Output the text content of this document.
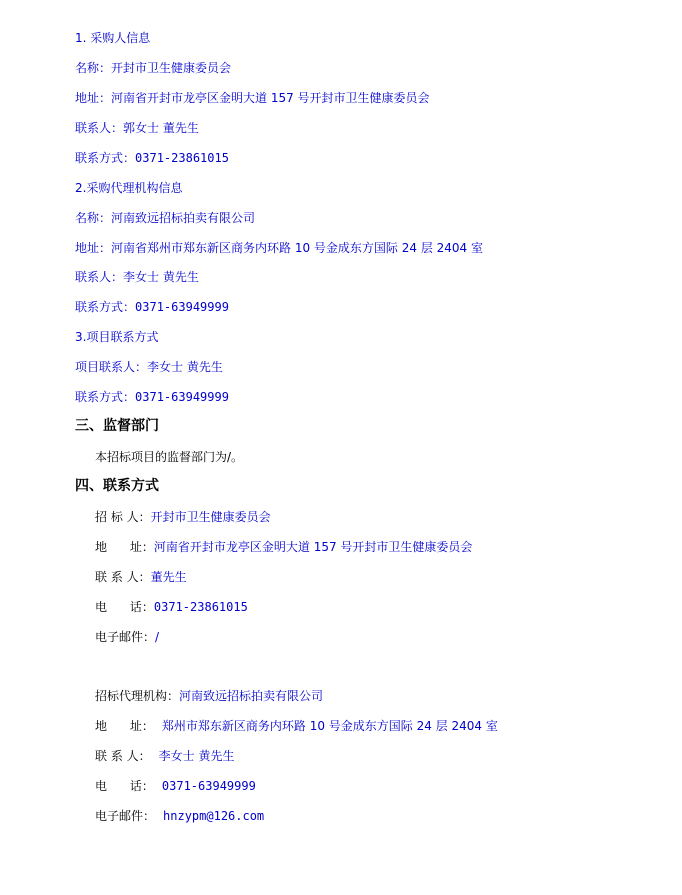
1. 采购人信息
名称：开封市卫生健康委员会
地址：河南省开封市龙亭区金明大道 157 号开封市卫生健康委员会
联系人：郭女士 董先生
联系方式：0371-23861015
2.采购代理机构信息
名称：河南致远招标拍卖有限公司
地址：河南省郑州市郑东新区商务内环路 10 号金成东方国际 24 层 2404 室
联系人：李女士 黄先生
联系方式：0371-63949999
3.项目联系方式
项目联系人：李女士 黄先生
联系方式：0371-63949999
三、监督部门
本招标项目的监督部门为/。
四、联系方式
招 标 人：开封市卫生健康委员会
地      址：河南省开封市龙亭区金明大道 157 号开封市卫生健康委员会
联 系 人：董先生
电      话：0371-23861015
电子邮件：/
招标代理机构：河南致远招标拍卖有限公司
地      址： 郑州市郑东新区商务内环路 10 号金成东方国际 24 层 2404 室
联 系 人： 李女士 黄先生
电      话： 0371-63949999
电子邮件： hnzypm@126.com
